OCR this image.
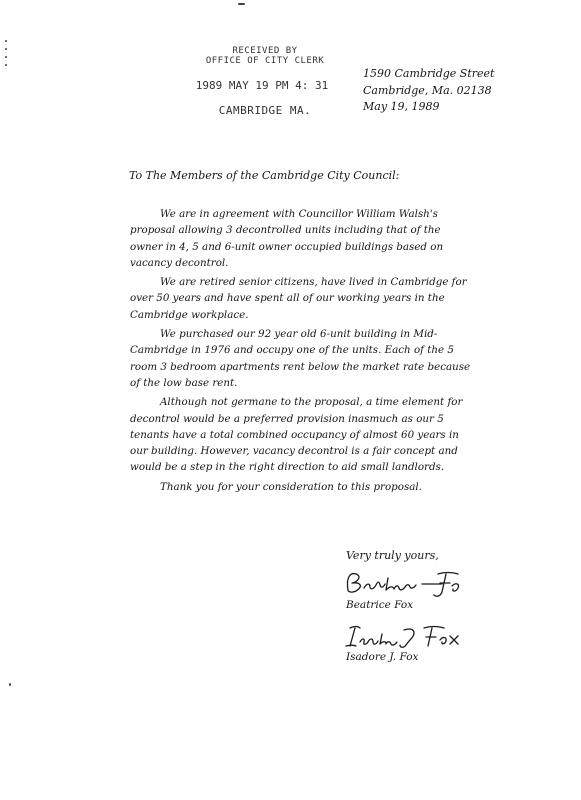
RECEIVED BY
OFFICE OF CITY CLERK
1989 MAY 19 PM 4: 31
CAMBRIDGE MA.
1590 Cambridge Street
Cambridge, Ma. 02138
May 19, 1989
To The Members of the Cambridge City Council:

We are in agreement with Councillor William Walsh's proposal allowing 3 decontrolled units including that of the owner in 4, 5 and 6-unit owner occupied buildings based on vacancy decontrol.

We are retired senior citizens, have lived in Cambridge for over 50 years and have spent all of our working years in the Cambridge workplace.

We purchased our 92 year old 6-unit building in Mid-Cambridge in 1976 and occupy one of the units. Each of the 5 room 3 bedroom apartments rent below the market rate because of the low base rent.

Although not germane to the proposal, a time element for decontrol would be a preferred provision inasmuch as our 5 tenants have a total combined occupancy of almost 60 years in our building. However, vacancy decontrol is a fair concept and would be a step in the right direction to aid small landlords.

Thank you for your consideration to this proposal.

Very truly yours,
Beatrice Fox
Isadore J. Fox
